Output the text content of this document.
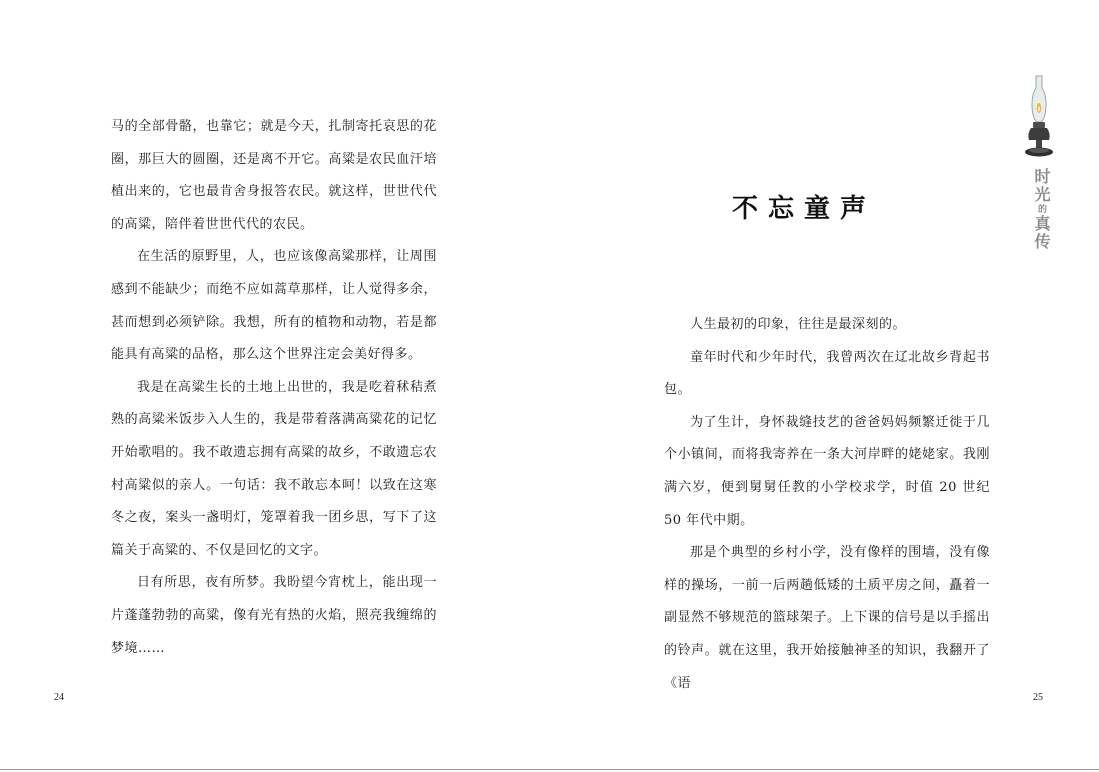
马的全部骨骼，也靠它；就是今天，扎制寄托哀思的花圈，那巨大的圆圈，还是离不开它。高粱是农民血汗培植出来的，它也最肯舍身报答农民。就这样，世世代代的高粱，陪伴着世世代代的农民。

在生活的原野里，人，也应该像高粱那样，让周围感到不能缺少；而绝不应如蒿草那样，让人觉得多余，甚而想到必须铲除。我想，所有的植物和动物，若是都能具有高粱的品格，那么这个世界注定会美好得多。

我是在高粱生长的土地上出世的，我是吃着秫秸煮熟的高粱米饭步入人生的，我是带着落满高粱花的记忆开始歌唱的。我不敢遗忘拥有高粱的故乡，不敢遗忘农村高粱似的亲人。一句话：我不敢忘本呵！以致在这寒冬之夜，案头一盏明灯，笼罩着我一团乡思，写下了这篇关于高粱的、不仅是回忆的文字。

日有所思，夜有所梦。我盼望今宵枕上，能出现一片蓬蓬勃勃的高粱，像有光有热的火焰，照亮我缠绵的梦境……

24
时光的真传
不忘童声

人生最初的印象，往往是最深刻的。

童年时代和少年时代，我曾两次在辽北故乡背起书包。

为了生计，身怀裁缝技艺的爸爸妈妈频繁迁徙于几个小镇间，而将我寄养在一条大河岸畔的姥姥家。我刚满六岁，便到舅舅任教的小学校求学，时值 20 世纪 50 年代中期。

那是个典型的乡村小学，没有像样的围墙，没有像样的操场，一前一后两趟低矮的土质平房之间，矗着一副显然不够规范的篮球架子。上下课的信号是以手摇出的铃声。就在这里，我开始接触神圣的知识，我翻开了《语

25
